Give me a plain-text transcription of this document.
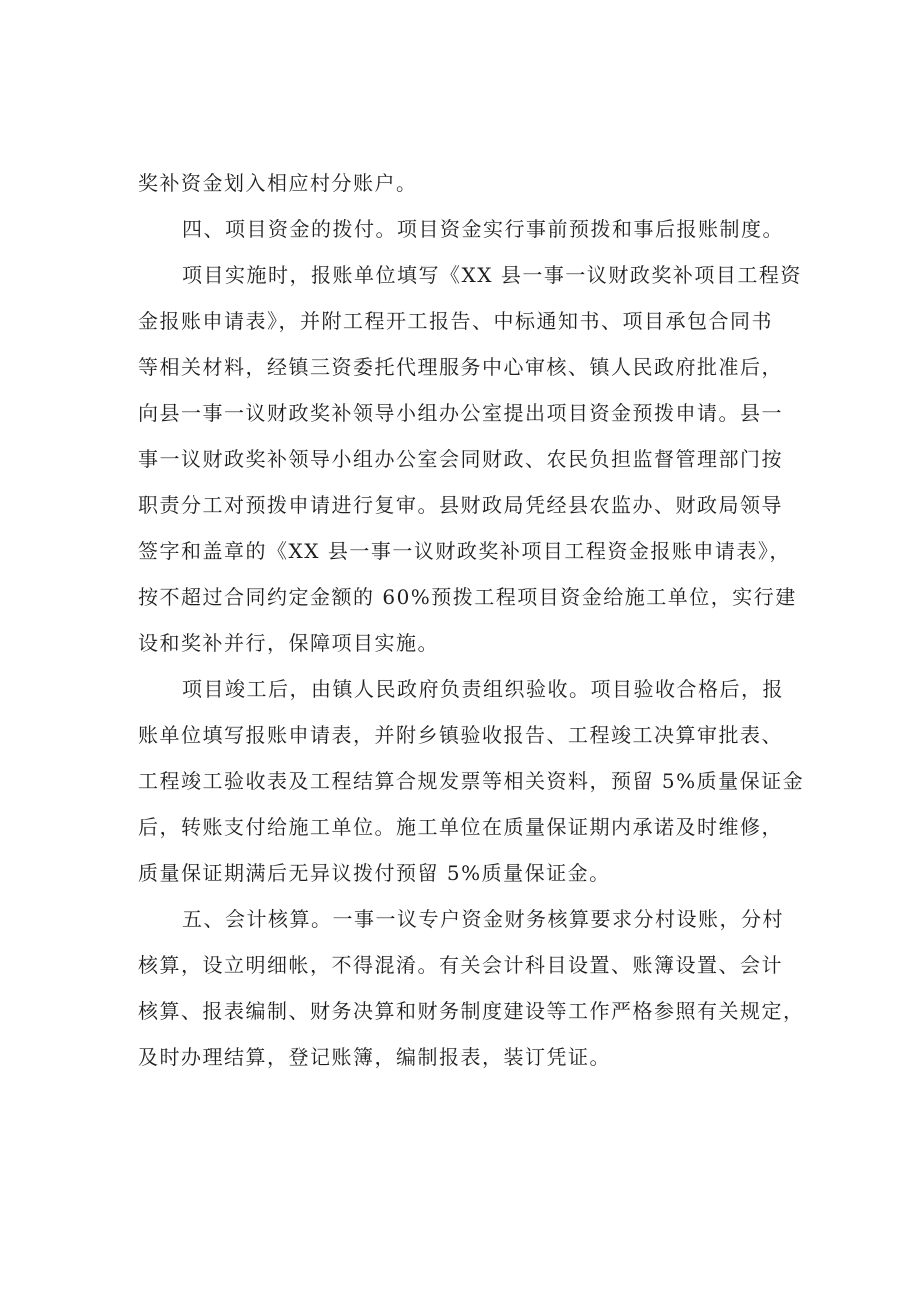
奖补资金划入相应村分账户。
四、项目资金的拨付。项目资金实行事前预拨和事后报账制度。
项目实施时，报账单位填写《XX 县一事一议财政奖补项目工程资
金报账申请表》，并附工程开工报告、中标通知书、项目承包合同书
等相关材料，经镇三资委托代理服务中心审核、镇人民政府批准后，
向县一事一议财政奖补领导小组办公室提出项目资金预拨申请。县一
事一议财政奖补领导小组办公室会同财政、农民负担监督管理部门按
职责分工对预拨申请进行复审。县财政局凭经县农监办、财政局领导
签字和盖章的《XX 县一事一议财政奖补项目工程资金报账申请表》，
按不超过合同约定金额的 60%预拨工程项目资金给施工单位，实行建
设和奖补并行，保障项目实施。
项目竣工后，由镇人民政府负责组织验收。项目验收合格后，报
账单位填写报账申请表，并附乡镇验收报告、工程竣工决算审批表、
工程竣工验收表及工程结算合规发票等相关资料，预留 5%质量保证金
后，转账支付给施工单位。施工单位在质量保证期内承诺及时维修，
质量保证期满后无异议拨付预留 5%质量保证金。
五、会计核算。一事一议专户资金财务核算要求分村设账，分村
核算，设立明细帐，不得混淆。有关会计科目设置、账簿设置、会计
核算、报表编制、财务决算和财务制度建设等工作严格参照有关规定，
及时办理结算，登记账簿，编制报表，装订凭证。
